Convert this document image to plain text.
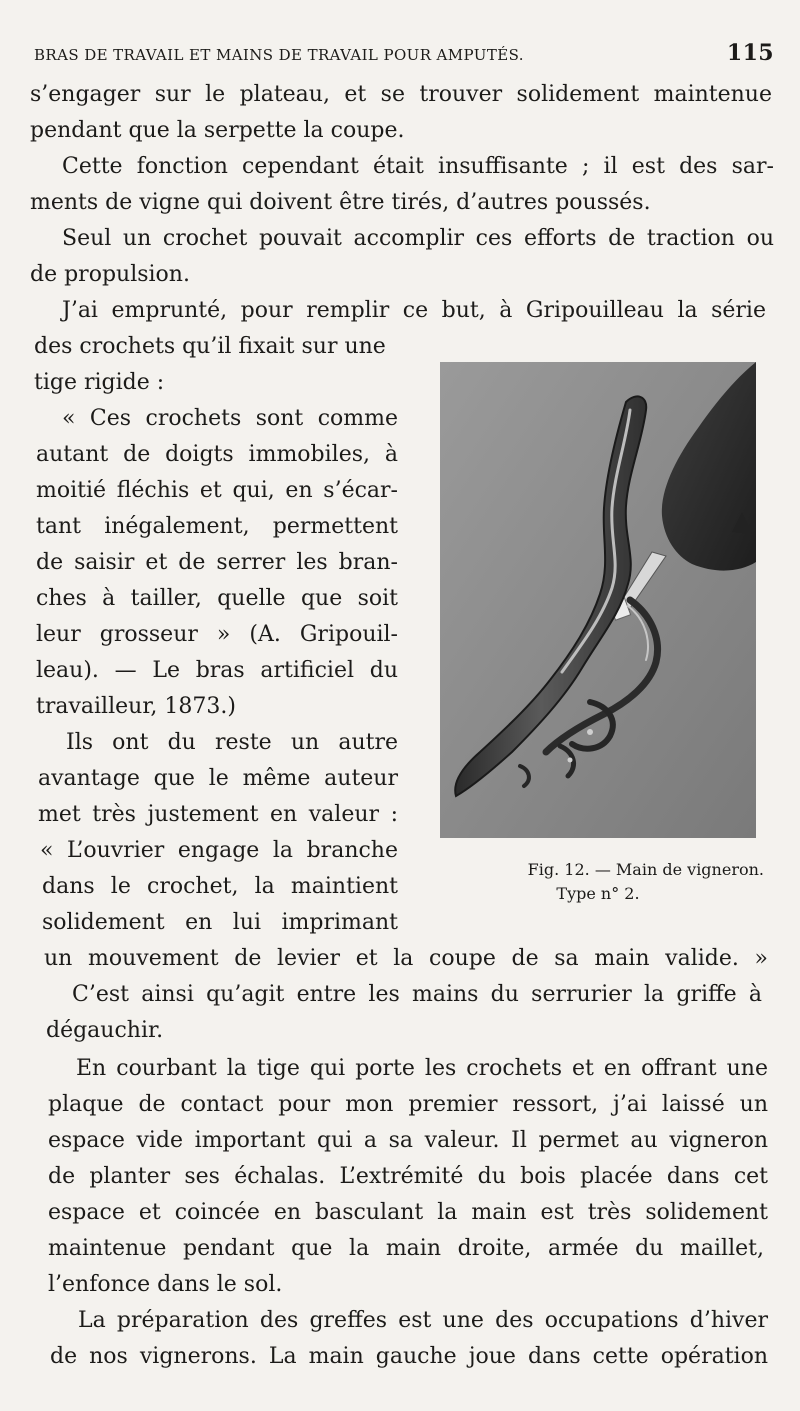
BRAS DE TRAVAIL ET MAINS DE TRAVAIL POUR AMPUTÉS.	115
s’engager sur le plateau, et se trouver solidement maintenue
pendant que la serpette la coupe.
Cette fonction cependant était insuffisante ; il est des sar-
ments de vigne qui doivent être tirés, d’autres poussés.
Seul un crochet pouvait accomplir ces efforts de traction ou
de propulsion.
J’ai emprunté, pour remplir ce but, à Gripouilleau la série
des crochets qu’il fixait sur une
tige rigide :
« Ces crochets sont comme
autant de doigts immobiles, à
moitié fléchis et qui, en s’écar-
tant inégalement, permettent
de saisir et de serrer les bran-
ches à tailler, quelle que soit
leur grosseur » (A. Gripouil-
leau). — Le bras artificiel du
travailleur, 1873.)
Ils ont du reste un autre
avantage que le même auteur
met très justement en valeur :
« L’ouvrier engage la branche
dans le crochet, la maintient
solidement en lui imprimant
un mouvement de levier et la coupe de sa main valide. »
C’est ainsi qu’agit entre les mains du serrurier la griffe à
dégauchir.
En courbant la tige qui porte les crochets et en offrant une
plaque de contact pour mon premier ressort, j’ai laissé un
espace vide important qui a sa valeur. Il permet au vigneron
de planter ses échalas. L’extrémité du bois placée dans cet
espace et coincée en basculant la main est très solidement
maintenue pendant que la main droite, armée du maillet,
l’enfonce dans le sol.
La préparation des greffes est une des occupations d’hiver
de nos vignerons. La main gauche joue dans cette opération
Fig. 12. — Main de vigneron.
Type n° 2.
